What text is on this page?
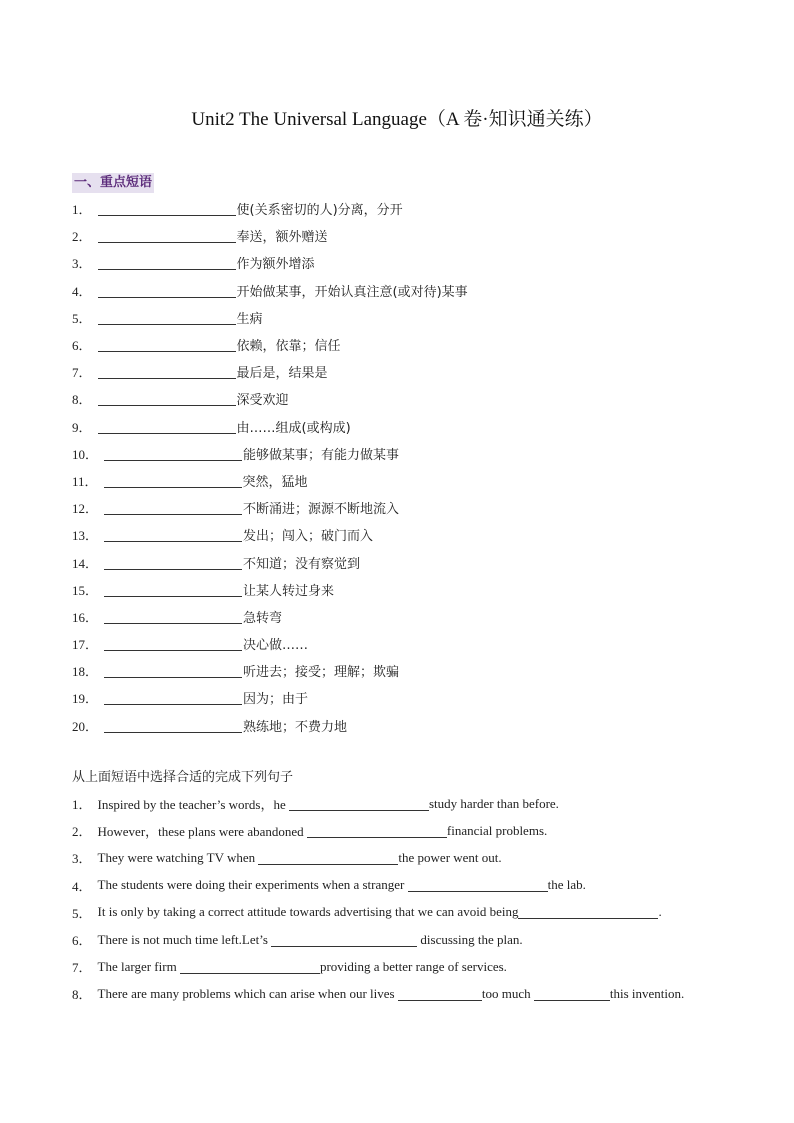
Unit2 The Universal Language（A 卷·知识通关练）
一、重点短语
1．	使(关系密切的人)分离，分开
2．	奉送，额外赠送
3．	作为额外增添
4．	开始做某事，开始认真注意(或对待)某事
5．	生病
6．	依赖，依靠；信任
7．	最后是，结果是
8．	深受欢迎
9．	由……组成(或构成)
10．	能够做某事；有能力做某事
11．	突然，猛地
12．	不断涌进；源源不断地流入
13．	发出；闯入；破门而入
14．	不知道；没有察觉到
15．	让某人转过身来
16．	急转弯
17．	决心做……
18．	听进去；接受；理解；欺骗
19．	因为；由于
20．	熟练地；不费力地
从上面短语中选择合适的完成下列句子
1． Inspired by the teacher’s words，he	study harder than before.
2． However，these plans were abandoned	financial problems.
3． They were watching TV when	the power went out.
4． The students were doing their experiments when a stranger	the lab.
5． It is only by taking a correct attitude towards advertising that we can avoid being	.
6． There is not much time left.Let’s	discussing the plan.
7． The larger firm	providing a better range of services.
8． There are many problems which can arise when our lives	too much	this invention.
